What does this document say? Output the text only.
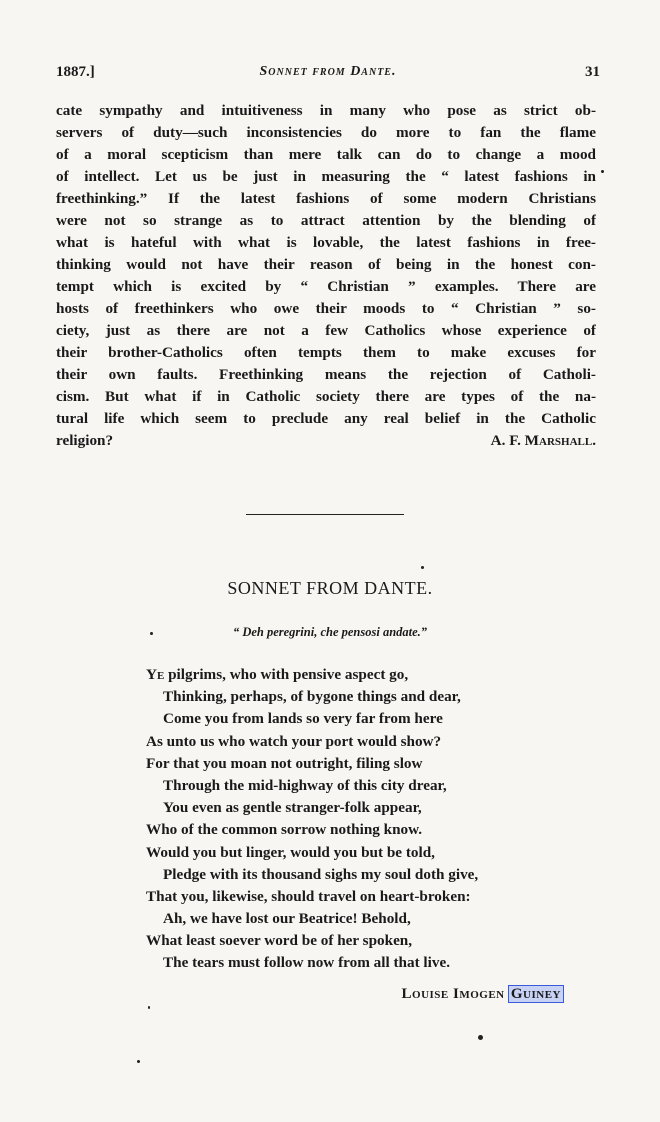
1887.]	Sonnet from Dante.	31
cate sympathy and intuitiveness in many who pose as strict ob-
servers of duty—such inconsistencies do more to fan the flame
of a moral scepticism than mere talk can do to change a mood
of intellect. Let us be just in measuring the “ latest fashions in
freethinking.” If the latest fashions of some modern Christians
were not so strange as to attract attention by the blending of
what is hateful with what is lovable, the latest fashions in free-
thinking would not have their reason of being in the honest con-
tempt which is excited by “ Christian ” examples. There are
hosts of freethinkers who owe their moods to “ Christian ” so-
ciety, just as there are not a few Catholics whose experience of
their brother-Catholics often tempts them to make excuses for
their own faults. Freethinking means the rejection of Catholi-
cism. But what if in Catholic society there are types of the na-
tural life which seem to preclude any real belief in the Catholic
religion?	A. F. Marshall.
SONNET FROM DANTE.
“ Deh peregrini, che pensosi andate.”
Ye pilgrims, who with pensive aspect go,
Thinking, perhaps, of bygone things and dear,
Come you from lands so very far from here
As unto us who watch your port would show?
For that you moan not outright, filing slow
Through the mid-highway of this city drear,
You even as gentle stranger-folk appear,
Who of the common sorrow nothing know.
Would you but linger, would you but be told,
Pledge with its thousand sighs my soul doth give,
That you, likewise, should travel on heart-broken:
Ah, we have lost our Beatrice! Behold,
What least soever word be of her spoken,
The tears must follow now from all that live.
Louise Imogen Guiney
